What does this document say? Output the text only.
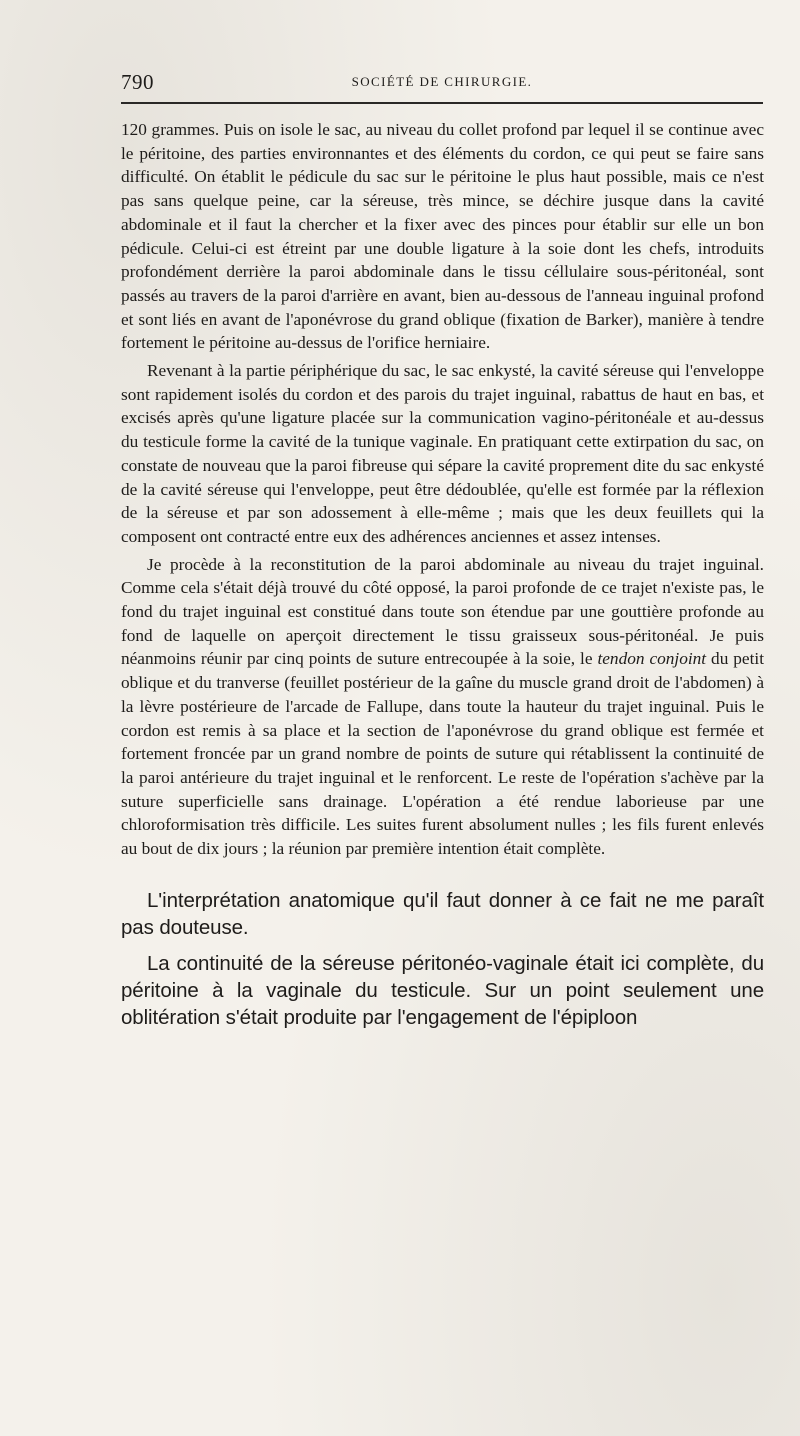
790	SOCIÉTÉ DE CHIRURGIE.

120 grammes. Puis on isole le sac, au niveau du collet profond par lequel il se continue avec le péritoine, des parties environnantes et des éléments du cordon, ce qui peut se faire sans difficulté. On établit le pédicule du sac sur le péritoine le plus haut possible, mais ce n'est pas sans quelque peine, car la séreuse, très mince, se déchire jusque dans la cavité abdominale et il faut la chercher et la fixer avec des pinces pour établir sur elle un bon pédicule. Celui-ci est étreint par une double ligature à la soie dont les chefs, introduits profondément derrière la paroi abdominale dans le tissu céllulaire sous-péritonéal, sont passés au travers de la paroi d'arrière en avant, bien au-dessous de l'anneau inguinal profond et sont liés en avant de l'aponévrose du grand oblique (fixation de Barker), manière à tendre fortement le péritoine au-dessus de l'orifice herniaire.

Revenant à la partie périphérique du sac, le sac enkysté, la cavité séreuse qui l'enveloppe sont rapidement isolés du cordon et des parois du trajet inguinal, rabattus de haut en bas, et excisés après qu'une ligature placée sur la communication vagino-péritonéale et au-dessus du testicule forme la cavité de la tunique vaginale. En pratiquant cette extirpation du sac, on constate de nouveau que la paroi fibreuse qui sépare la cavité proprement dite du sac enkysté de la cavité séreuse qui l'enveloppe, peut être dédoublée, qu'elle est formée par la réflexion de la séreuse et par son adossement à elle-même ; mais que les deux feuillets qui la composent ont contracté entre eux des adhérences anciennes et assez intenses.

Je procède à la reconstitution de la paroi abdominale au niveau du trajet inguinal. Comme cela s'était déjà trouvé du côté opposé, la paroi profonde de ce trajet n'existe pas, le fond du trajet inguinal est constitué dans toute son étendue par une gouttière profonde au fond de laquelle on aperçoit directement le tissu graisseux sous-péritonéal. Je puis néanmoins réunir par cinq points de suture entrecoupée à la soie, le tendon conjoint du petit oblique et du tranverse (feuillet postérieur de la gaîne du muscle grand droit de l'abdomen) à la lèvre postérieure de l'arcade de Fallupe, dans toute la hauteur du trajet inguinal. Puis le cordon est remis à sa place et la section de l'aponévrose du grand oblique est fermée et fortement froncée par un grand nombre de points de suture qui rétablissent la continuité de la paroi antérieure du trajet inguinal et le renforcent. Le reste de l'opération s'achève par la suture superficielle sans drainage. L'opération a été rendue laborieuse par une chloroformisation très difficile. Les suites furent absolument nulles ; les fils furent enlevés au bout de dix jours ; la réunion par première intention était complète.

L'interprétation anatomique qu'il faut donner à ce fait ne me paraît pas douteuse.

La continuité de la séreuse péritonéo-vaginale était ici complète, du péritoine à la vaginale du testicule. Sur un point seulement une oblitération s'était produite par l'engagement de l'épiploon
